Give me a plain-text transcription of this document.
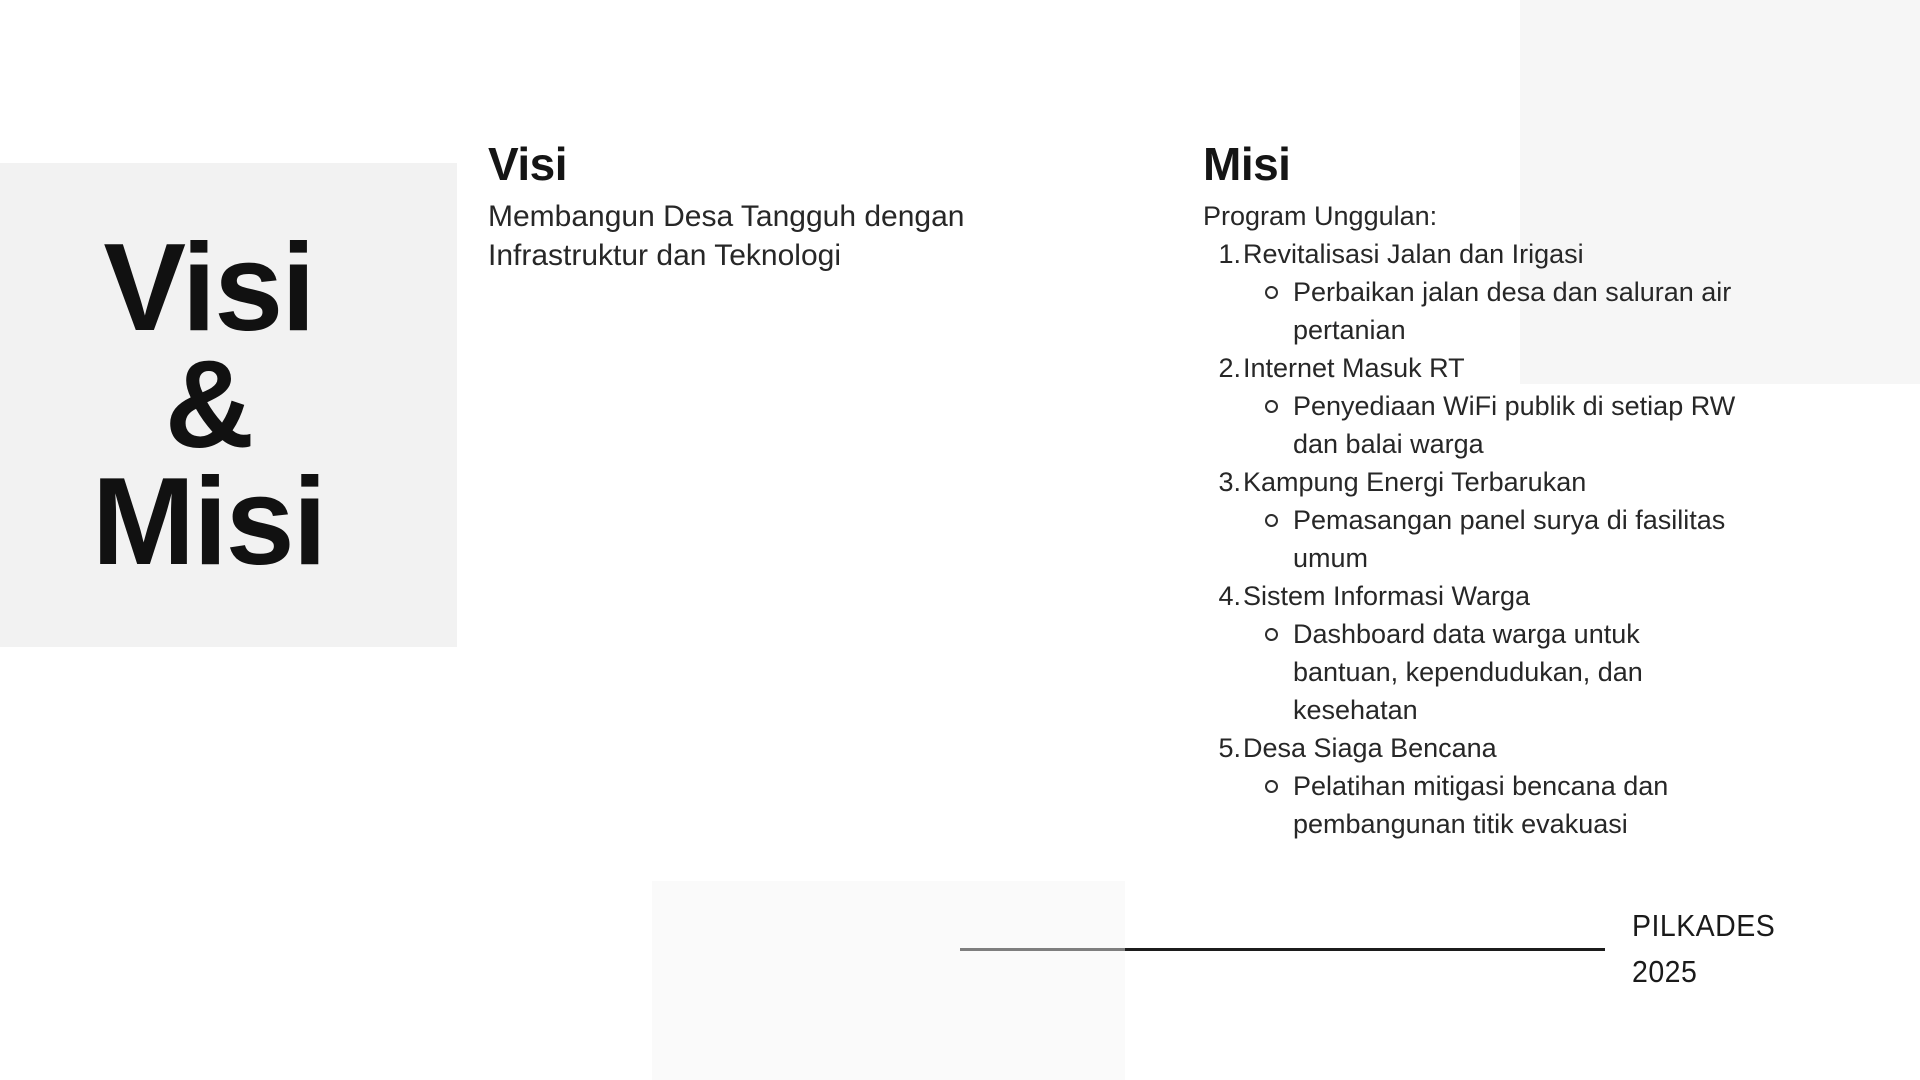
Visi
&
Misi
Visi

Membangun Desa Tangguh dengan
Infrastruktur dan Teknologi

Misi

Program Unggulan:

1. Revitalisasi Jalan dan Irigasi
Perbaikan jalan desa dan saluran air
pertanian
2. Internet Masuk RT
Penyediaan WiFi publik di setiap RW
dan balai warga
3. Kampung Energi Terbarukan
Pemasangan panel surya di fasilitas
umum
4. Sistem Informasi Warga
Dashboard data warga untuk
bantuan, kependudukan, dan
kesehatan
5. Desa Siaga Bencana
Pelatihan mitigasi bencana dan
pembangunan titik evakuasi
PILKADES
2025
